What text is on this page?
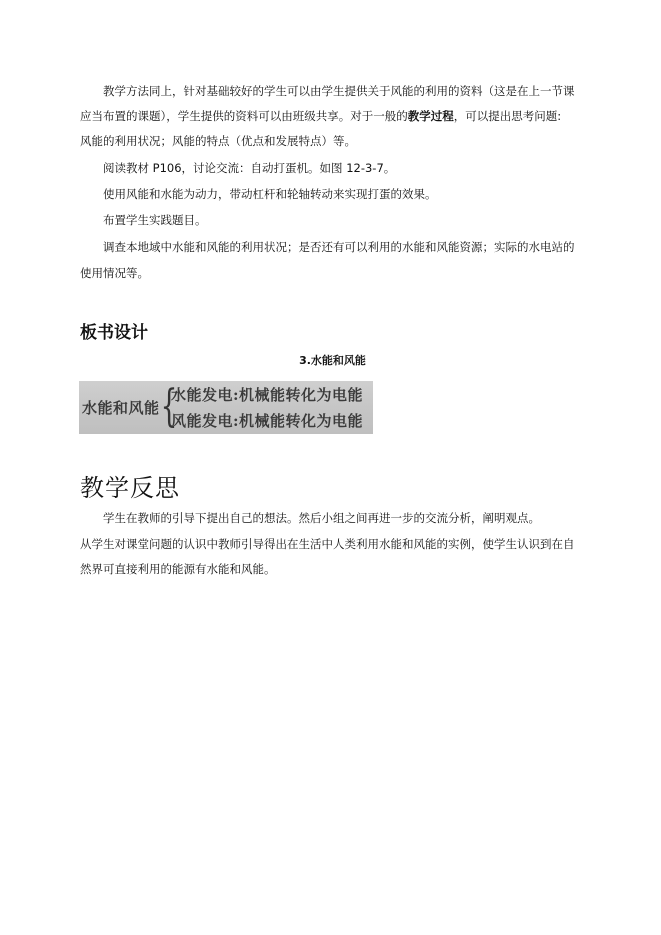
教学方法同上，针对基础较好的学生可以由学生提供关于风能的利用的资料（这是在上一节课

应当布置的课题），学生提供的资料可以由班级共享。对于一般的教学过程，可以提出思考问题:

风能的利用状况；风能的特点（优点和发展特点）等。

阅读教材 P106，讨论交流：自动打蛋机。如图 12-3-7。

使用风能和水能为动力，带动杠杆和轮轴转动来实现打蛋的效果。

布置学生实践题目。

调查本地域中水能和风能的利用状况；是否还有可以利用的水能和风能资源；实际的水电站的

使用情况等。

板书设计

3.水能和风能

水能和风能 {
水能发电:机械能转化为电能
风能发电:机械能转化为电能
教学反思

学生在教师的引导下提出自己的想法。然后小组之间再进一步的交流分析，阐明观点。

从学生对课堂问题的认识中教师引导得出在生活中人类利用水能和风能的实例，使学生认识到在自

然界可直接利用的能源有水能和风能。
